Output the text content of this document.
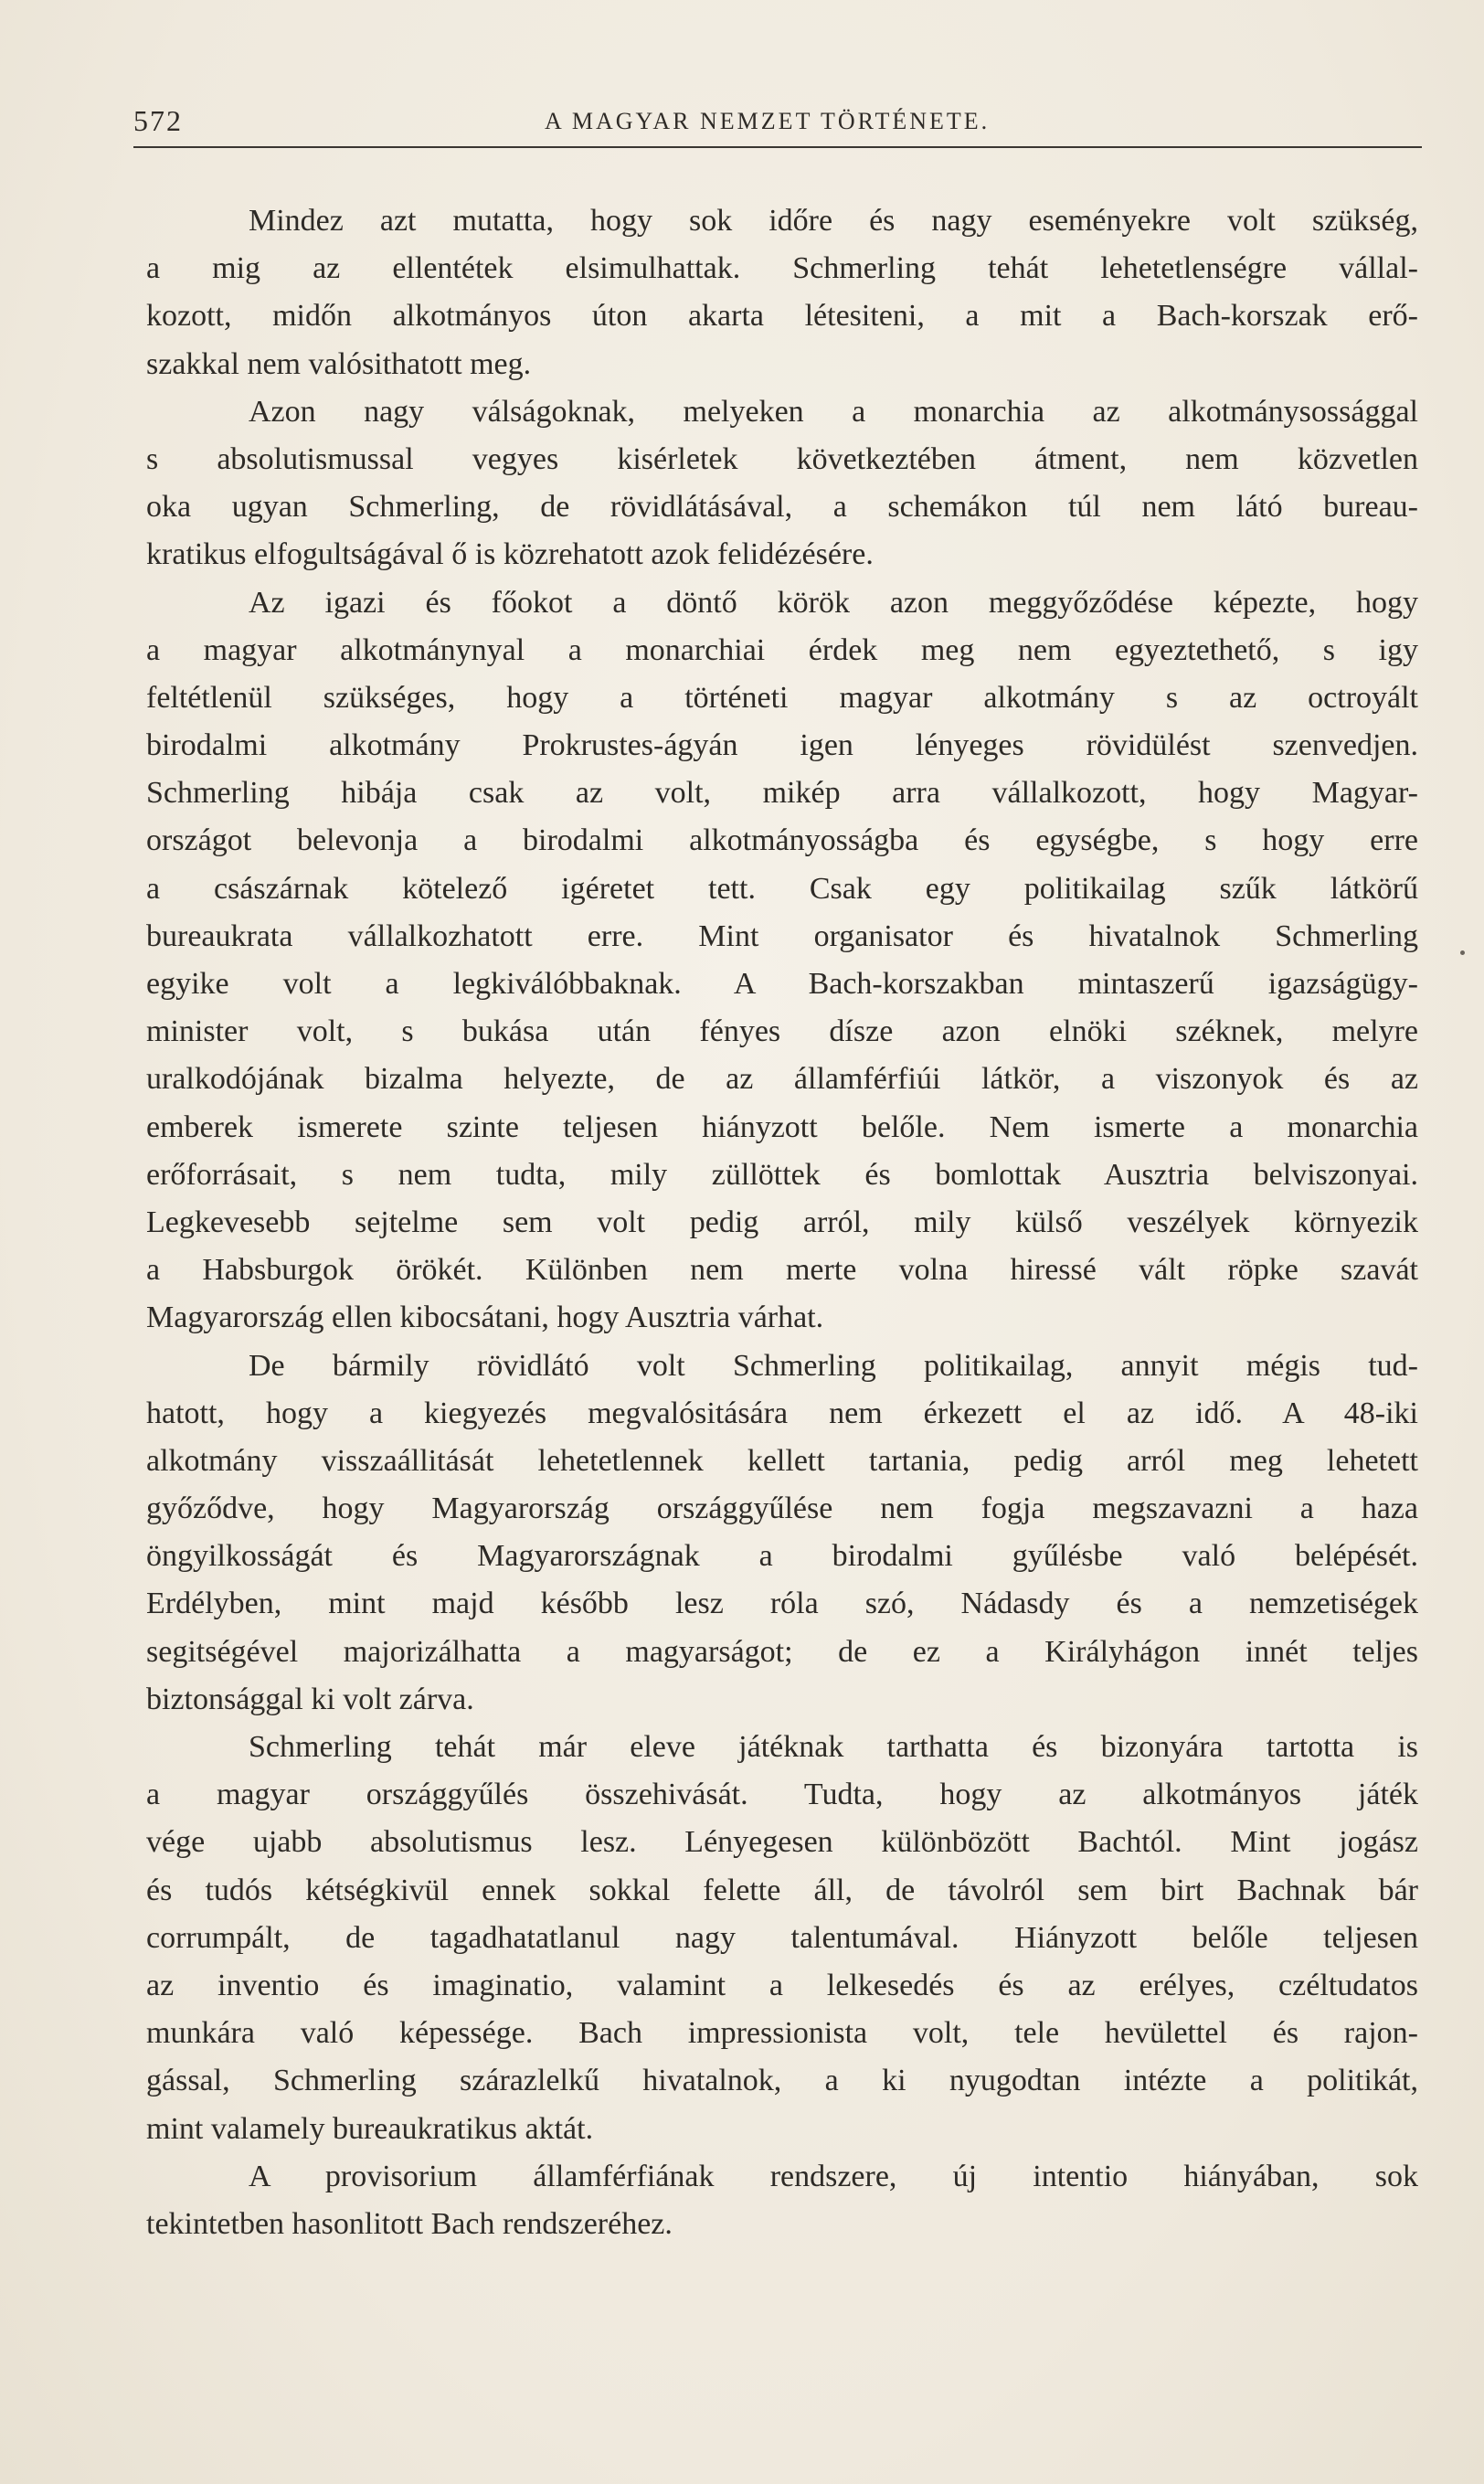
572	A MAGYAR NEMZET TÖRTÉNETE.
Mindez azt mutatta, hogy sok időre és nagy eseményekre volt szükség,
a mig az ellentétek elsimulhattak. Schmerling tehát lehetetlenségre vállal-
kozott, midőn alkotmányos úton akarta létesiteni, a mit a Bach-korszak erő-
szakkal nem valósithatott meg.
Azon nagy válságoknak, melyeken a monarchia az alkotmánysossággal
s absolutismussal vegyes kisérletek következtében átment, nem közvetlen
oka ugyan Schmerling, de rövidlátásával, a schemákon túl nem látó bureau-
kratikus elfogultságával ő is közrehatott azok felidézésére.
Az igazi és főokot a döntő körök azon meggyőződése képezte, hogy
a magyar alkotmánynyal a monarchiai érdek meg nem egyeztethető, s igy
feltétlenül szükséges, hogy a történeti magyar alkotmány s az octroyált
birodalmi alkotmány Prokrustes-ágyán igen lényeges rövidülést szenvedjen.
Schmerling hibája csak az volt, mikép arra vállalkozott, hogy Magyar-
országot belevonja a birodalmi alkotmányosságba és egységbe, s hogy erre
a császárnak kötelező igéretet tett. Csak egy politikailag szűk látkörű
bureaukrata vállalkozhatott erre. Mint organisator és hivatalnok Schmerling
egyike volt a legkiválóbbaknak. A Bach-korszakban mintaszerű igazságügy-
minister volt, s bukása után fényes dísze azon elnöki széknek, melyre
uralkodójának bizalma helyezte, de az államférfiúi látkör, a viszonyok és az
emberek ismerete szinte teljesen hiányzott belőle. Nem ismerte a monarchia
erőforrásait, s nem tudta, mily züllöttek és bomlottak Ausztria belviszonyai.
Legkevesebb sejtelme sem volt pedig arról, mily külső veszélyek környezik
a Habsburgok örökét. Különben nem merte volna hiressé vált röpke szavát
Magyarország ellen kibocsátani, hogy Ausztria várhat.
De bármily rövidlátó volt Schmerling politikailag, annyit mégis tud-
hatott, hogy a kiegyezés megvalósitására nem érkezett el az idő. A 48-iki
alkotmány visszaállitását lehetetlennek kellett tartania, pedig arról meg lehetett
győződve, hogy Magyarország országgyűlése nem fogja megszavazni a haza
öngyilkosságát és Magyarországnak a birodalmi gyűlésbe való belépését.
Erdélyben, mint majd később lesz róla szó, Nádasdy és a nemzetiségek
segitségével majorizálhatta a magyarságot; de ez a Királyhágon innét teljes
biztonsággal ki volt zárva.
Schmerling tehát már eleve játéknak tarthatta és bizonyára tartotta is
a magyar országgyűlés összehivását. Tudta, hogy az alkotmányos játék
vége ujabb absolutismus lesz. Lényegesen különbözött Bachtól. Mint jogász
és tudós kétségkivül ennek sokkal felette áll, de távolról sem birt Bachnak bár
corrumpált, de tagadhatatlanul nagy talentumával. Hiányzott belőle teljesen
az inventio és imaginatio, valamint a lelkesedés és az erélyes, czéltudatos
munkára való képessége. Bach impressionista volt, tele hevülettel és rajon-
gással, Schmerling szárazlelkű hivatalnok, a ki nyugodtan intézte a politikát,
mint valamely bureaukratikus aktát.
A provisorium államférfiának rendszere, új intentio hiányában, sok
tekintetben hasonlitott Bach rendszeréhez.
